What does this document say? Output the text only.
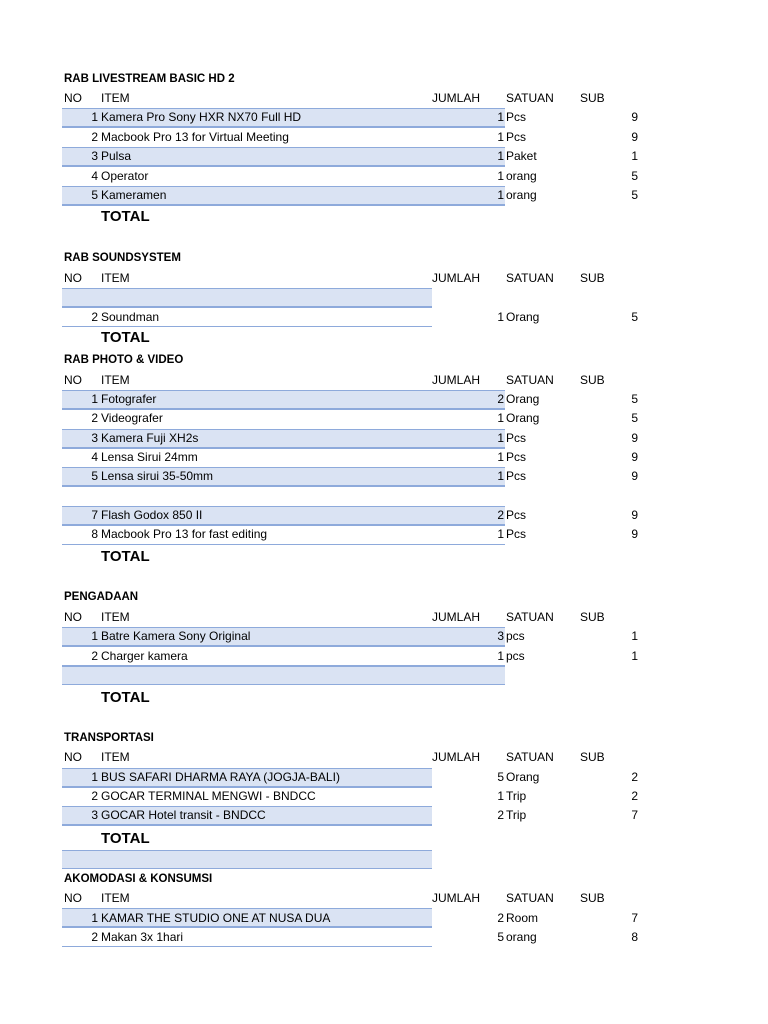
RAB LIVESTREAM BASIC HD 2
NO ITEM	JUMLAH SATUAN SUB
1 Kamera Pro Sony HXR NX70 Full HD	1 Pcs	9
2 Macbook Pro 13 for Virtual Meeting	1 Pcs	9
3 Pulsa	1 Paket	1
4 Operator	1 orang	5
5 Kameramen	1 orang	5
TOTAL
RAB SOUNDSYSTEM
NO ITEM	JUMLAH SATUAN SUB
2 Soundman	1 Orang	5
TOTAL
RAB PHOTO & VIDEO
NO ITEM	JUMLAH SATUAN SUB
1 Fotografer	2 Orang	5
2 Videografer	1 Orang	5
3 Kamera Fuji XH2s	1 Pcs	9
4 Lensa Sirui 24mm	1 Pcs	9
5 Lensa sirui 35-50mm	1 Pcs	9
7 Flash Godox 850 II	2 Pcs	9
8 Macbook Pro 13 for fast editing	1 Pcs	9
TOTAL
PENGADAAN
NO ITEM	JUMLAH SATUAN SUB
1 Batre Kamera Sony Original	3 pcs	1
2 Charger kamera	1 pcs	1
TOTAL
TRANSPORTASI
NO ITEM	JUMLAH SATUAN SUB
1 BUS SAFARI DHARMA RAYA (JOGJA-BALI)	5 Orang	2
2 GOCAR TERMINAL MENGWI - BNDCC	1 Trip	2
3 GOCAR Hotel transit - BNDCC	2 Trip	7
TOTAL
AKOMODASI & KONSUMSI
NO ITEM	JUMLAH SATUAN SUB
1 KAMAR THE STUDIO ONE AT NUSA DUA	2 Room	7
2 Makan 3x 1hari	5 orang	8
